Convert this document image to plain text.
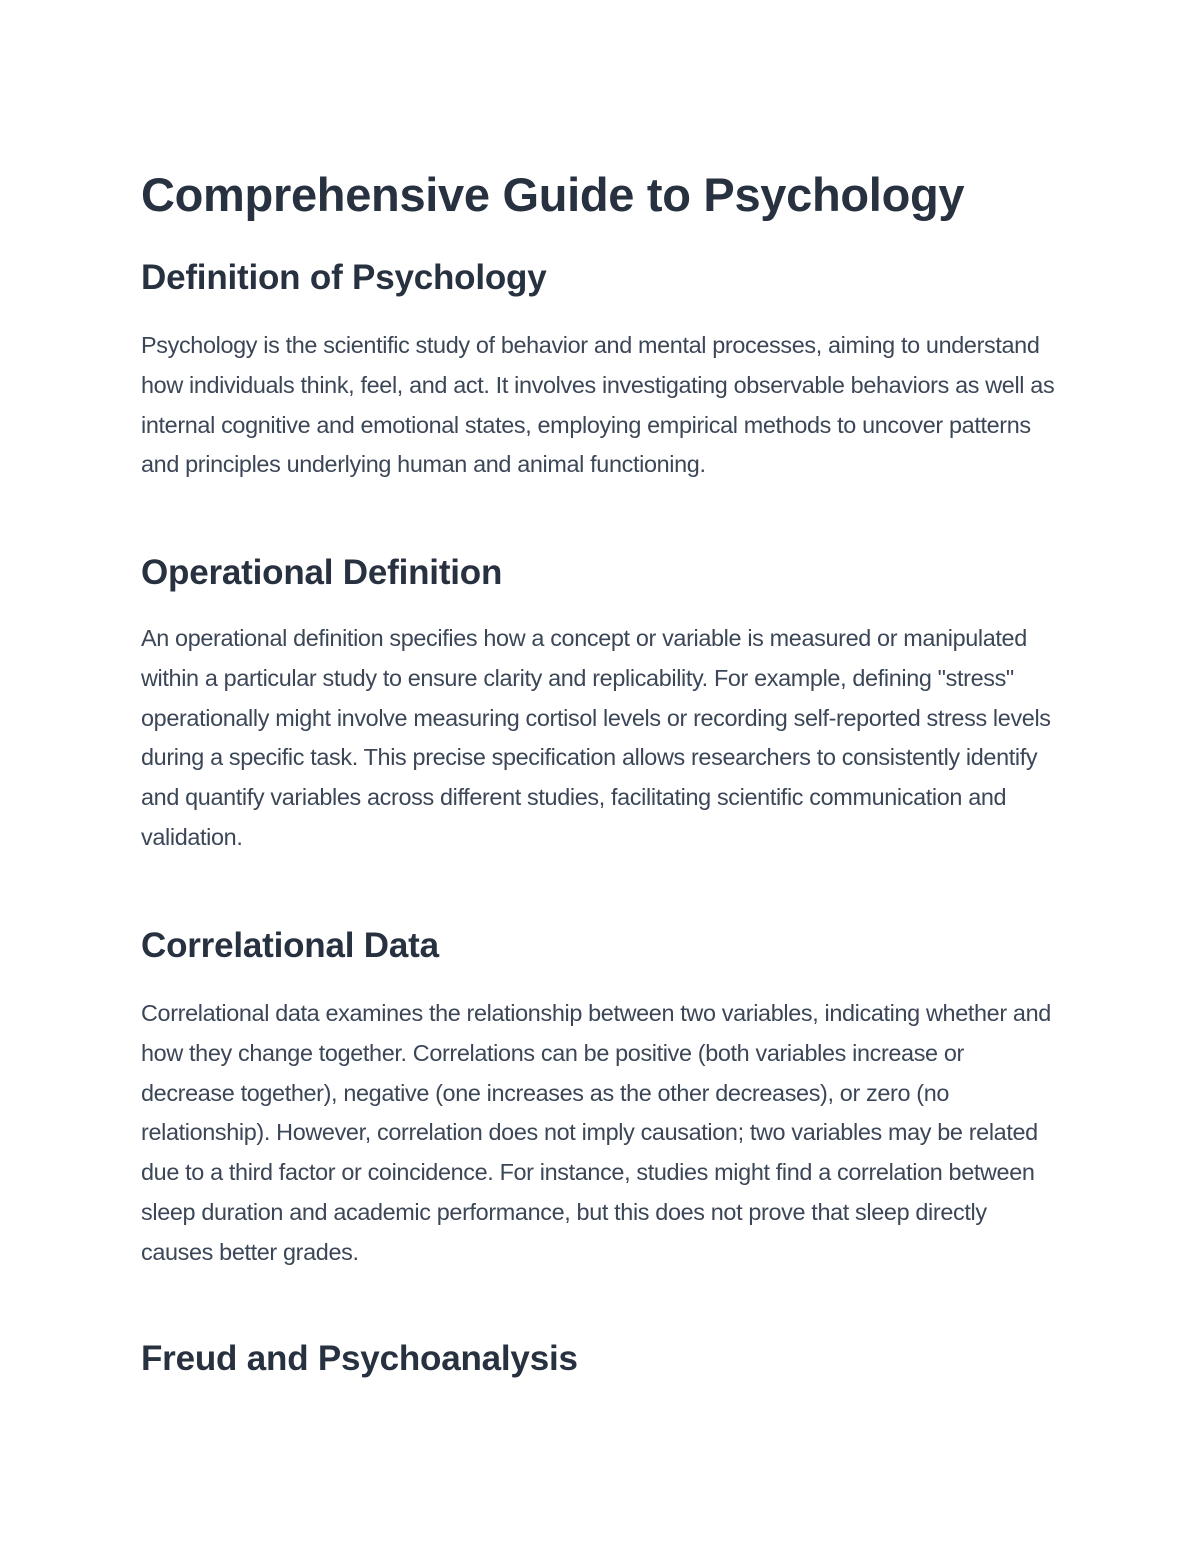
Comprehensive Guide to Psychology
Definition of Psychology

Psychology is the scientific study of behavior and mental processes, aiming to understand how individuals think, feel, and act. It involves investigating observable behaviors as well as internal cognitive and emotional states, employing empirical methods to uncover patterns and principles underlying human and animal functioning.

Operational Definition

An operational definition specifies how a concept or variable is measured or manipulated within a particular study to ensure clarity and replicability. For example, defining "stress" operationally might involve measuring cortisol levels or recording self-reported stress levels during a specific task. This precise specification allows researchers to consistently identify and quantify variables across different studies, facilitating scientific communication and validation.

Correlational Data

Correlational data examines the relationship between two variables, indicating whether and how they change together. Correlations can be positive (both variables increase or decrease together), negative (one increases as the other decreases), or zero (no relationship). However, correlation does not imply causation; two variables may be related due to a third factor or coincidence. For instance, studies might find a correlation between sleep duration and academic performance, but this does not prove that sleep directly causes better grades.

Freud and Psychoanalysis
